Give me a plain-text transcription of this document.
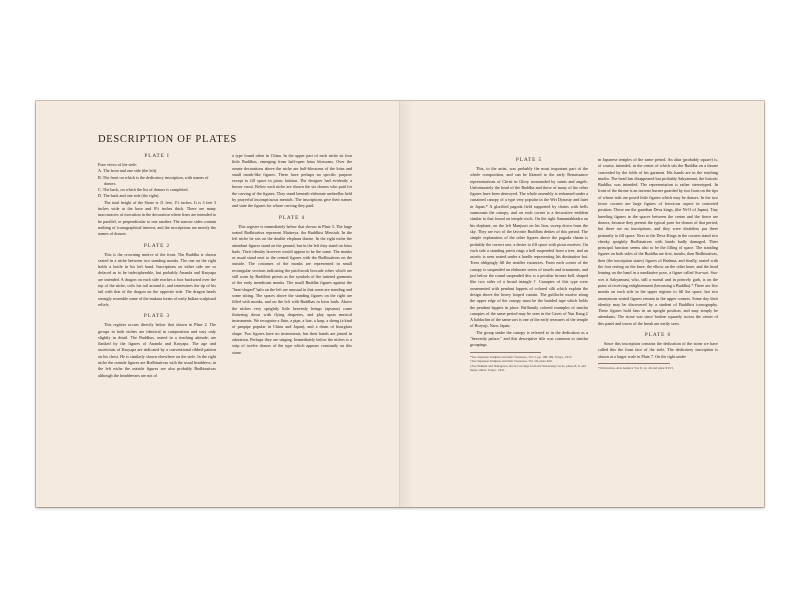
DESCRIPTION OF PLATES
PLATE I

Four views of the stele:

A. The front and one side (the left).
B. The front on which is the dedicatory inscription, with names of donors.
C. The back, on which the list of donors is completed.
D. The back and one side (the right).

The total height of the Stone is 11 feet, 1½ inches. It is 3 feet 3 inches wide at the base and 8½ inches thick. There are many inaccuracies of execution in the decoration where lines are intended to be parallel, or perpendicular to one another. The narrow sides contain nothing of iconographical interest, and the inscriptions are merely the names of donors.

PLATE 2

This is the crowning motive of the front. The Buddha is shown seated in a niche between two standing monks. The one on the right holds a bottle in his left hand. Inscriptions on either side are so defaced as to be indecipherable, but probably Ananda and Kasyapa are intended. A dragon on each side reaches a foot backward over the top of the niche, coils his tail around it, and intertwines the tip of his tail with that of the dragon on the opposite side. The dragon heads strongly resemble some of the makara forms of early Indian sculptural reliefs.

PLATE 3

This register occurs directly below that shown in Plate 2. The groups in both niches are identical in composition and vary only slightly in detail. The Buddhas, seated in a teaching attitude, are flanked by the figures of Ananda and Kasyapa. The age and asceticism of Kasyapa are indicated by a conventional ribbed pattern on his chest. He is similarly shown elsewhere on the stele. In the right niche the outside figures are Bodhisattvas with the usual headdress; in the left niche the outside figures are also probably Bodhisattvas although the headdresses are not of

a type found often in China. In the upper part of each niche sit four little Buddhas, emerging from half-open lotus blossoms. Over the ornate decorations above the niche are half-blossoms of the lotus and small monk-like figures. These have perhaps no specific purpose except to fill space in pious fashion. The designer had evidently a horror vacui. Below each niche are shown the six donors who paid for the carving of the figures. They stand beneath elaborate umbrellas held by prayerful inconspicuous menials. The inscriptions give their names and state the figures for whose carving they paid.

PLATE 4

This register is immediately below that shown in Plate 3. The large seated Bodhisattva represent Maitreya, the Buddhist Messiah. In the left niche he sits on the double elephant throne. In the right niche the attendant figures stand on the ground, but in the left they stand on lotus buds. Their identity however would appear to be the same. The monks as usual stand next to the central figures with the Bodhisattvas on the outside. The costumes of the monks are represented in small rectangular sections indicating the patchwork brocade robes which are still worn by Buddhist priests as the symbols of the tattered garments of the early mendicant monks. The small Buddha figures against the "beat-shaped" halo on the left are unusual in that some are standing and some sitting. The spaces above the standing figures on the right are filled with monks, and on the left with Buddhas in lotus buds. Above the niches very sprightly little heavenly beings (apsaras) come fluttering down with flying draperies, and play upon musical instruments. We recognize a flute, a pipe, a lute, a harp, a sheng (a kind of panpipe popular in China and Japan), and a drum of hourglass shape. Two figures have no instruments, but their hands are joined in adoration. Perhaps they are singing. Immediately below the niches is a strip of twelve donors of the type which appears constantly on this stone.

PLATE 5

This, to the artist, was probably the most important part of the whole composition, and can be likened to the early Renaissance representations of Christ in Glory surrounded by saints and angels. Unfortunately the head of the Buddha and those of many of the other figures have been destroyed. The whole assembly is enframed under a curtained canopy of a type very popular in the Wei Dynasty and later in Japan.* A glorified pagoda field supported by chains with bells surmounts the canopy, and on each corner is a decorative emblem similar to that found on temple roofs. On the right Samantabhadra on his elephant, on the left Manjusri on his lion, sweep down from the sky. They are two of the favorite Buddhist deities of this period. The simple explanation of the other figures above the pagoda chains is probably the correct one, a desire to fill space with pious motives. On each side a standing priest rings a bell suspended from a tree, and an ascetic is seen seated under a hurdle representing his diminutive hut. Trees obligingly fill the smaller vacancies. From each corner of the canopy is suspended an elaborate series of tassels and ornaments, and just below the round suspended disc is a peculiar bronze bell, shaped like two sides of a broad triangle.† Canopies of this type were ornamented with pendant lappets of colored silk which explain the design above the heavy looped curtain. The guilloche motive along the upper edge of the canopy must be the braided tape which holds the pendant lappets in place. Brilliantly colored examples of similar canopies of the same period may be seen in the Caves of Yun Kang.‡ A baldachin of the same sort is one of the early treasures of the temple of Horyuji, Nara, Japan.

The group under the canopy is referred to in the dedication as a "heavenly palace," and this descriptive title was common to similar groupings

*See Japanese Temples and their Treasures, Vol. I, pp. 108-109, Tokyo, 1910.
†See Japanese Temples and their Treasures, Vol. III, plate 460.
‡See Shinkai and Nakagawa, Rock-Carvings from the Yun-Kang Caves, plates 8, 9, and many others. Tokyo, 1921.

in Japanese temples of the same period. An altar (probably square) is, of course, intended, in the center of which sits the Buddha on a throne concealed by the folds of his garment. His hands are in the teaching mudra. The head has disappeared but probably Sakyamuni, the historic Buddha, was intended. The representation is rather stereotyped. In front of the throne is an incense burner guarded by two lions on the tips of whose tails are posed little figures which may be donors. In the two lower corners are large figures of ferocious aspect in contorted position. These are the guardian Deva kings, (the Ni-O of Japan). Tiny kneeling figures in the spaces between the center and the fierce are donors, because they present the typical pose for donors of that period, but there are no inscriptions, and they were doubtless put there primarily to fill space. Next to the Deva Kings in the corners stand two cheeky sprightly Bodhisattvas with heads badly damaged. Their principal function seems also to be the filling of space. The standing figures on both sides of the Buddha are first, monks, then Bodhisattvas, then (the inscription states) figures of Brahma, and finally, seated with the foot resting on the knee, the elbow on the other knee, and the head leaning on the hand in a meditative pose, a figure called Ssu-wei. Ssu-wei is Sakyamuni, who, still a mortal and in princely garb, is on the point of receiving enlightenment (becoming a Buddha).* There are five monks on each side in the upper register to fill the space, but two anonymous seated figures remain in the upper corners. Some day their identity may be discovered by a student of Buddhist iconography. These figures hold fans in an upright position, and may simply be attendants. The stone was since broken squarely across the center of this panel and traces of the break are easily seen.

PLATE 6

Since this inscription contains the dedication of the stone we have called this the front face of the stele. The dedicatory inscription is shown at a larger scale in Plate 7. On the right under

*Oærtsomos, Arts Asiatica Vol. II, pi. 40 and plate XLVI.
